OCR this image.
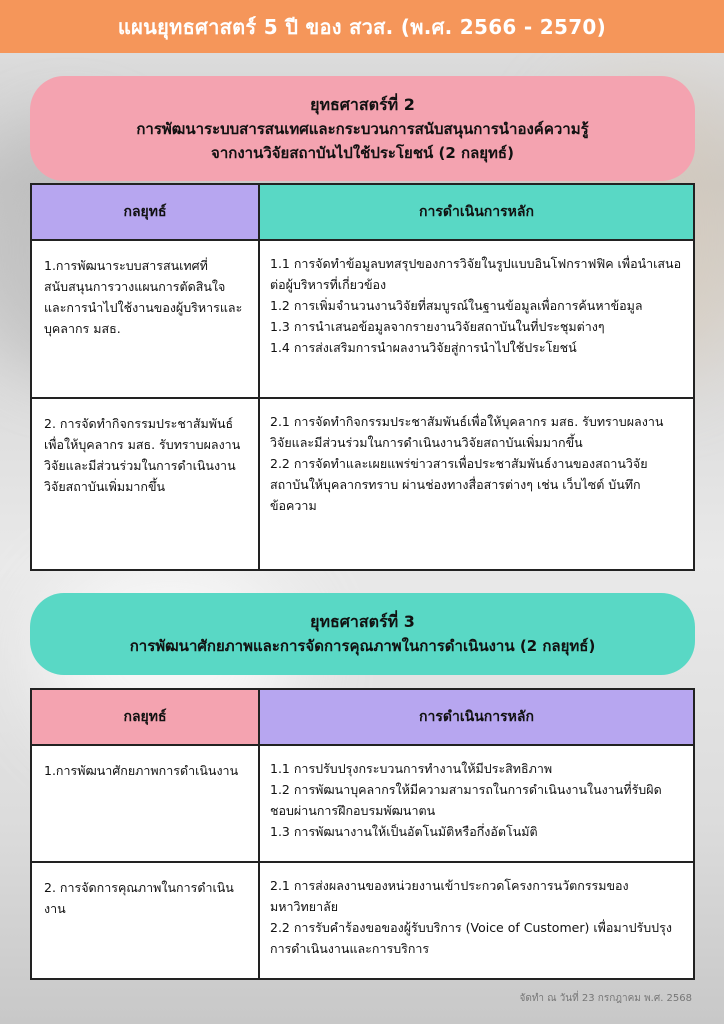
แผนยุทธศาสตร์ 5 ปี ของ สวส. (พ.ศ. 2566 - 2570)
ยุทธศาสตร์ที่ 2
การพัฒนาระบบสารสนเทศและกระบวนการสนับสนุนการนำองค์ความรู้
จากงานวิจัยสถาบันไปใช้ประโยชน์ (2 กลยุทธ์)
กลยุทธ์	การดำเนินการหลัก
1.การพัฒนาระบบสารสนเทศที่สนับสนุนการวางแผนการตัดสินใจ และการนำไปใช้งานของผู้บริหารและบุคลากร มสธ.	1.1 การจัดทำข้อมูลบทสรุปของการวิจัยในรูปแบบอินโฟกราฟฟิค เพื่อนำเสนอต่อผู้บริหารที่เกี่ยวข้อง

1.2 การเพิ่มจำนวนงานวิจัยที่สมบูรณ์ในฐานข้อมูลเพื่อการค้นหาข้อมูล

1.3 การนำเสนอข้อมูลจากรายงานวิจัยสถาบันในที่ประชุมต่างๆ

1.4 การส่งเสริมการนำผลงานวิจัยสู่การนำไปใช้ประโยชน์

2. การจัดทำกิจกรรมประชาสัมพันธ์เพื่อให้บุคลากร มสธ. รับทราบผลงานวิจัยและมีส่วนร่วมในการดำเนินงานวิจัยสถาบันเพิ่มมากขึ้น	2.1 การจัดทำกิจกรรมประชาสัมพันธ์เพื่อให้บุคลากร มสธ. รับทราบผลงานวิจัยและมีส่วนร่วมในการดำเนินงานวิจัยสถาบันเพิ่มมากขึ้น

2.2 การจัดทำและเผยแพร่ข่าวสารเพื่อประชาสัมพันธ์งานของสถานวิจัยสถาบันให้บุคลากรทราบ ผ่านช่องทางสื่อสารต่างๆ เช่น เว็บไซต์ บันทึกข้อความ

ยุทธศาสตร์ที่ 3
การพัฒนาศักยภาพและการจัดการคุณภาพในการดำเนินงาน (2 กลยุทธ์)
กลยุทธ์	การดำเนินการหลัก
1.การพัฒนาศักยภาพการดำเนินงาน	1.1 การปรับปรุงกระบวนการทำงานให้มีประสิทธิภาพ

1.2 การพัฒนาบุคลากรให้มีความสามารถในการดำเนินงานในงานที่รับผิดชอบผ่านการฝึกอบรมพัฒนาตน

1.3 การพัฒนางานให้เป็นอัตโนมัติหรือกึ่งอัตโนมัติ

2. การจัดการคุณภาพในการดำเนินงาน	2.1 การส่งผลงานของหน่วยงานเข้าประกวดโครงการนวัตกรรมของมหาวิทยาลัย

2.2 การรับคำร้องขอของผู้รับบริการ (Voice of Customer) เพื่อมาปรับปรุงการดำเนินงานและการบริการ

จัดทำ ณ วันที่ 23 กรกฎาคม พ.ศ. 2568
